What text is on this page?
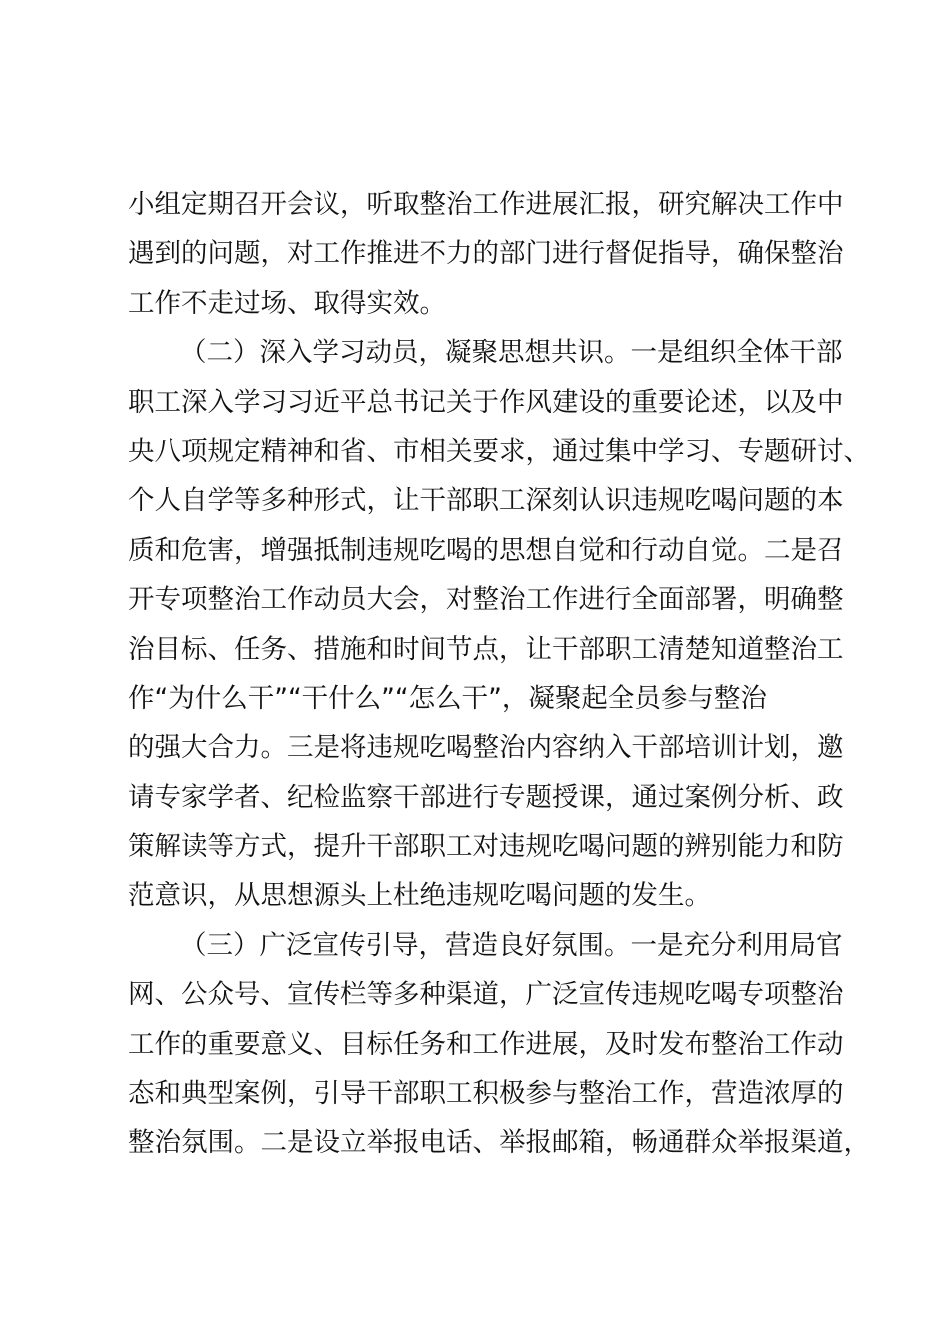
小组定期召开会议，听取整治工作进展汇报，研究解决工作中
遇到的问题，对工作推进不力的部门进行督促指导，确保整治
工作不走过场、取得实效。
（二）深入学习动员，凝聚思想共识。一是组织全体干部
职工深入学习习近平总书记关于作风建设的重要论述，以及中
央八项规定精神和省、市相关要求，通过集中学习、专题研讨、
个人自学等多种形式，让干部职工深刻认识违规吃喝问题的本
质和危害，增强抵制违规吃喝的思想自觉和行动自觉。二是召
开专项整治工作动员大会，对整治工作进行全面部署，明确整
治目标、任务、措施和时间节点，让干部职工清楚知道整治工
作“为什么干”“干什么”“怎么干”，凝聚起全员参与整治
的强大合力。三是将违规吃喝整治内容纳入干部培训计划，邀
请专家学者、纪检监察干部进行专题授课，通过案例分析、政
策解读等方式，提升干部职工对违规吃喝问题的辨别能力和防
范意识，从思想源头上杜绝违规吃喝问题的发生。
（三）广泛宣传引导，营造良好氛围。一是充分利用局官
网、公众号、宣传栏等多种渠道，广泛宣传违规吃喝专项整治
工作的重要意义、目标任务和工作进展，及时发布整治工作动
态和典型案例，引导干部职工积极参与整治工作，营造浓厚的
整治氛围。二是设立举报电话、举报邮箱，畅通群众举报渠道，
